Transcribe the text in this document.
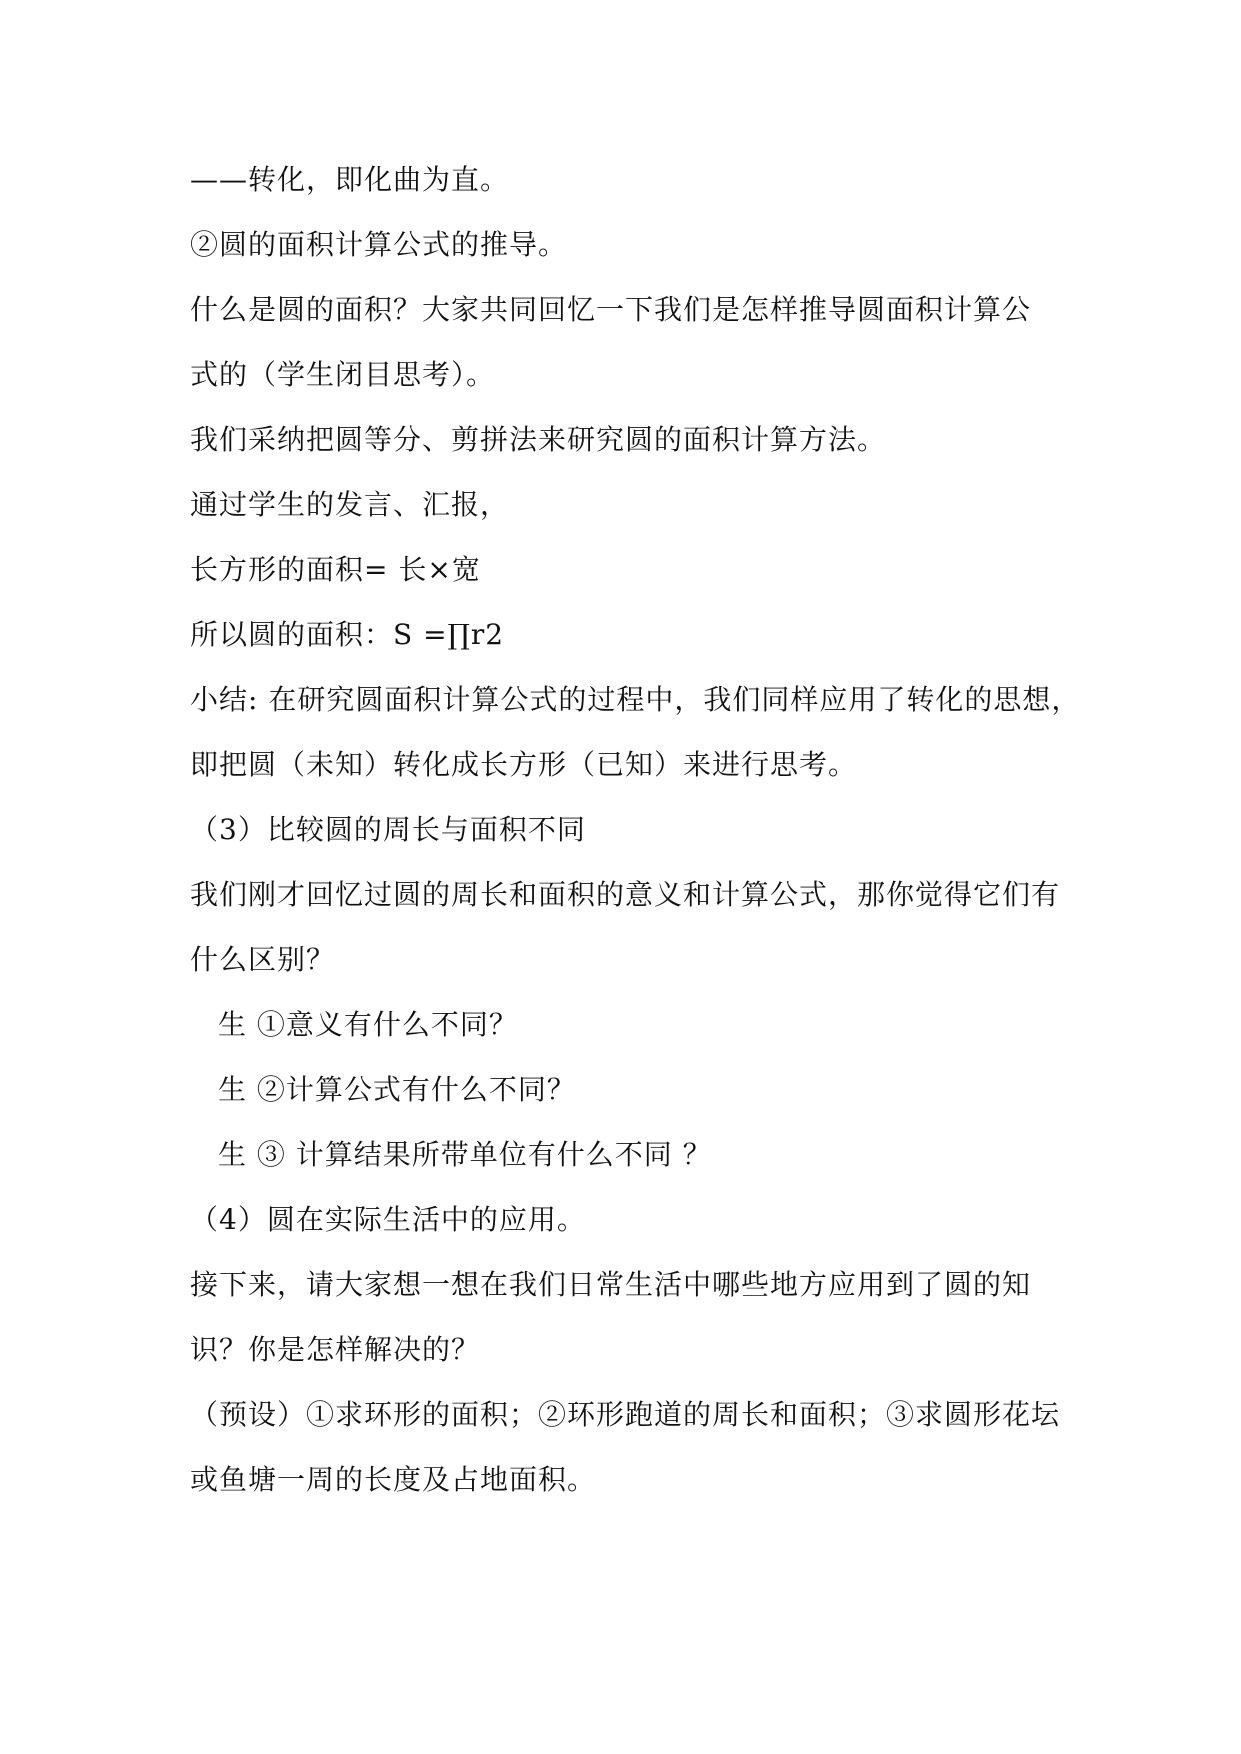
——转化，即化曲为直。
②圆的面积计算公式的推导。
什么是圆的面积？大家共同回忆一下我们是怎样推导圆面积计算公
式的（学生闭目思考）。
我们采纳把圆等分、剪拼法来研究圆的面积计算方法。
通过学生的发言、汇报，
长方形的面积= 长×宽
所以圆的面积：S =∏r2
小结: 在研究圆面积计算公式的过程中，我们同样应用了转化的思想，
即把圆（未知）转化成长方形（已知）来进行思考。
（3）比较圆的周长与面积不同
我们刚才回忆过圆的周长和面积的意义和计算公式，那你觉得它们有
什么区别？
生 ①意义有什么不同？
生 ②计算公式有什么不同？
生 ③ 计算结果所带单位有什么不同 ？
（4）圆在实际生活中的应用。
接下来，请大家想一想在我们日常生活中哪些地方应用到了圆的知
识？你是怎样解决的？
（预设）①求环形的面积；②环形跑道的周长和面积；③求圆形花坛
或鱼塘一周的长度及占地面积。
